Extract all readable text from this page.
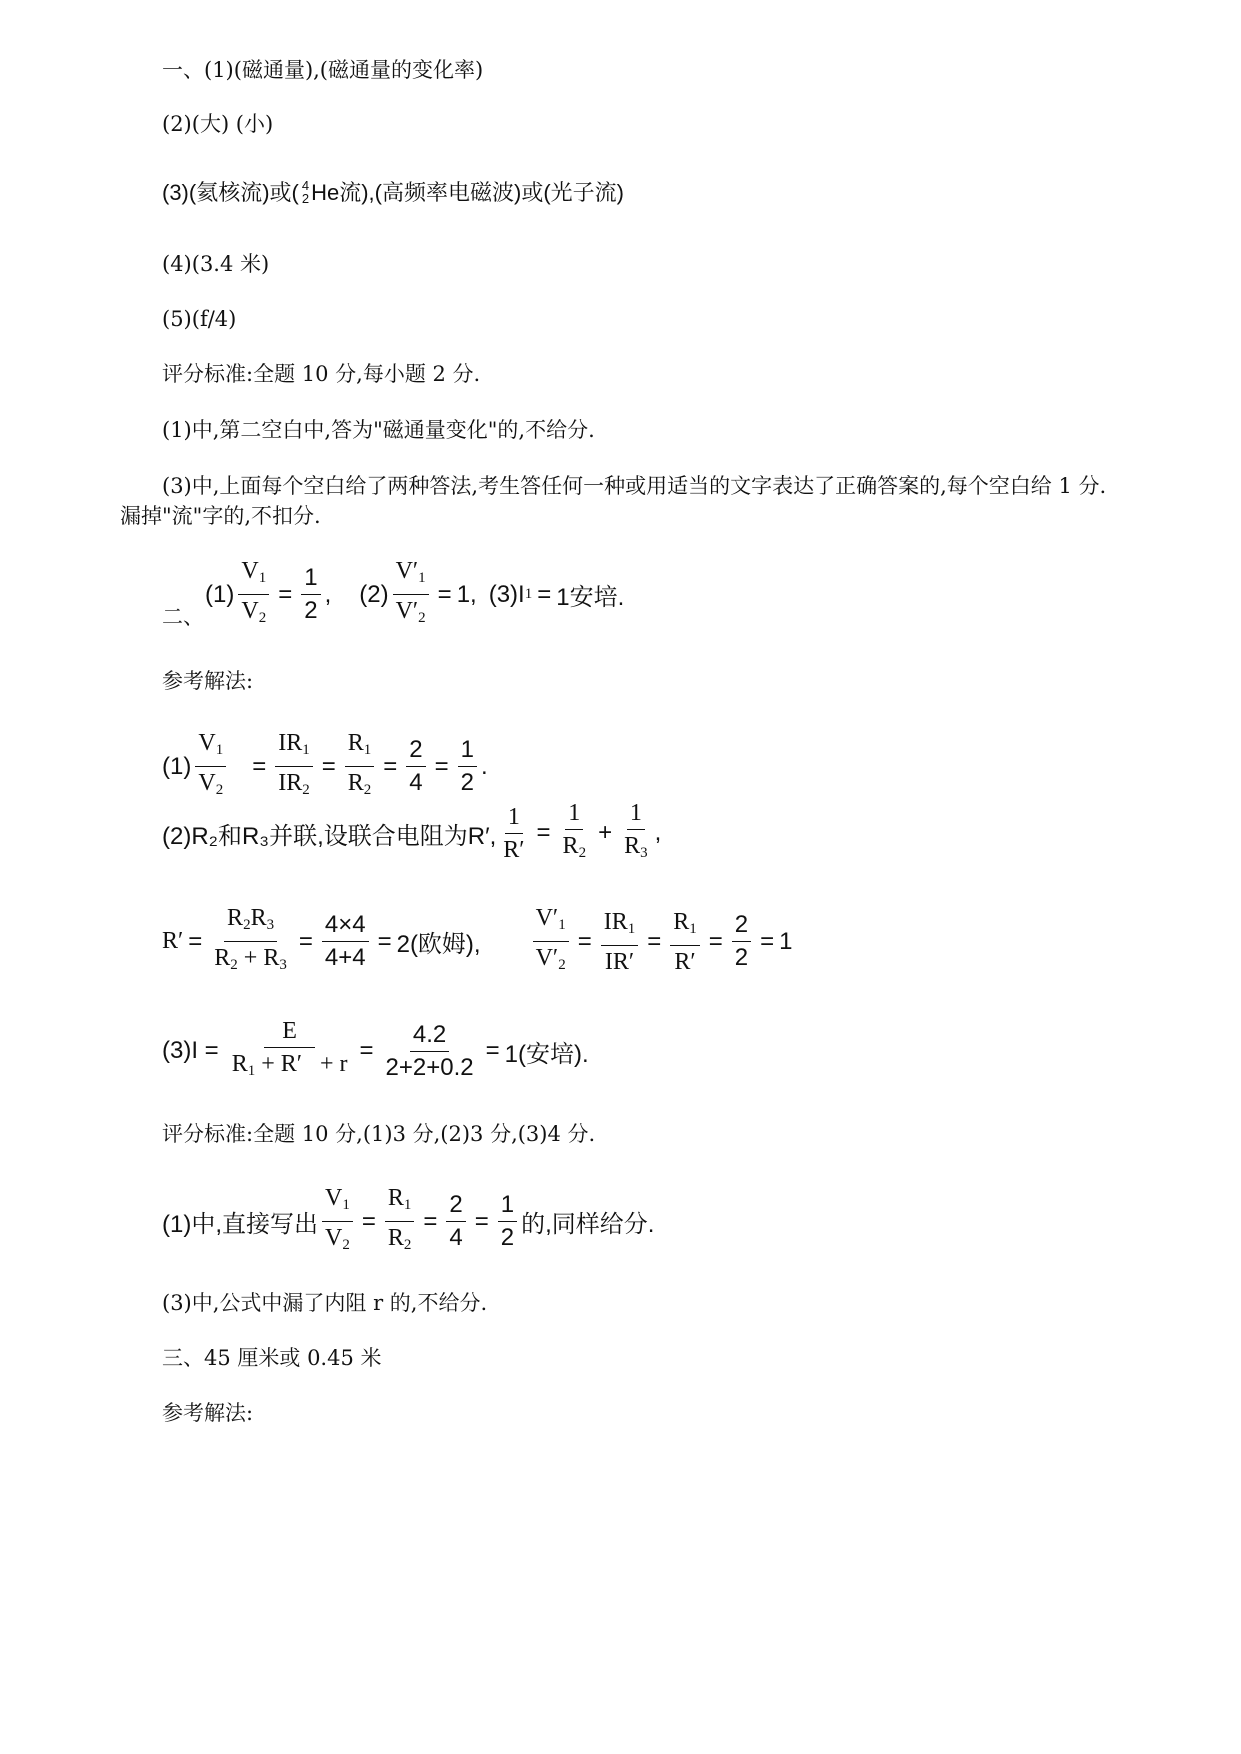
一、(1)(磁通量),(磁通量的变化率)
(2)(大) (小)
(3)(氦核流)或( 4
2 He流),(高频率电磁波)或(光子流)
(4)(3.4 米)
(5)(f/4)
评分标准:全题 10 分,每小题 2 分.
(1)中,第二空白中,答为"磁通量变化"的,不给分.
(3)中,上面每个空白给了两种答法,考生答任何一种或用适当的文字表达了正确答案的,每个空白给 1 分.漏掉"流"字的,不扣分.
二、
$(1) \frac{V_1}{V_2} = \frac{1}{2}$ , $(2) \frac{V'_1}{V'_2} = 1$ , (3)I 1 = 1安培.
参考解法:
$(1) \frac{V_1}{V_2} = \frac{IR_1}{IR_2} = \frac{R_1}{R_2} = \frac{2}{4} = \frac{1}{2}$ .
(2)R₂和R₃并联,设联合电阻为R′, $\frac{1}{R'} = \frac{1}{R_2} + \frac{1}{R_3}$ ,
$R' = \frac{R_2R_3}{R_2 + R_3} = \frac{4\times 4}{4+4} = 2$(欧姆), $\frac{V'_1}{V'_2} = \frac{IR_1}{IR'} = \frac{R_1}{R'} = \frac{2}{2} = 1$
$(3)I = \frac{E}{R_1 + R' + r} = \frac{4.2}{2+2+0.2} = 1$(安培).
评分标准:全题 10 分,(1)3 分,(2)3 分,(3)4 分.
(1)中,直接写出 $\frac{V_1}{V_2} = \frac{R_1}{R_2} = \frac{2}{4} = \frac{1}{2}$ 的,同样给分.
(3)中,公式中漏了内阻 r 的,不给分.
三、45 厘米或 0.45 米
参考解法:
